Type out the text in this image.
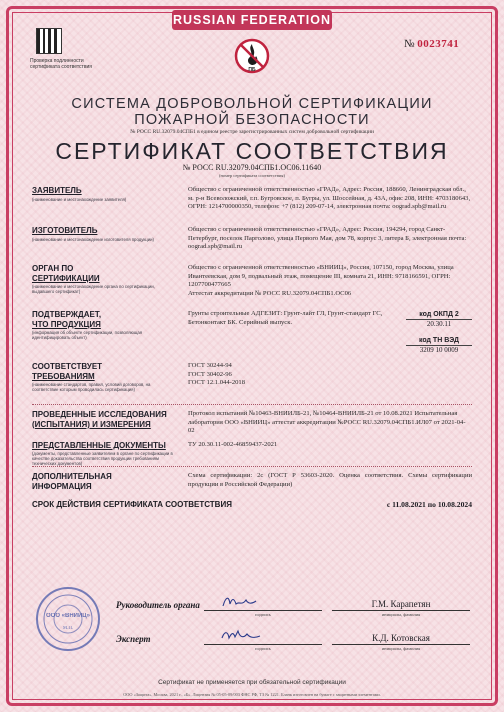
RUSSIAN FEDERATION
Проверка подлинности сертификата соответствия	ПБ
№ 0023741
СИСТЕМА ДОБРОВОЛЬНОЙ СЕРТИФИКАЦИИ
ПОЖАРНОЙ БЕЗОПАСНОСТИ
№ РОСС RU.32079.04СПБ1 в едином реестре зарегистрированных систем добровольной сертификации
СЕРТИФИКАТ СООТВЕТСТВИЯ
№ РОСС RU.32079.04СПБ1.ОС06.11640
(номер сертификата соответствия)
ЗАЯВИТЕЛЬ
(наименование и местонахождение заявителя)
Общество с ограниченной ответственностью «ГРАД», Адрес: Россия, 188660, Ленинградская обл., м. р-н Всеволожский, г.п. Бугровское, п. Бугры, ул. Шоссейная, д. 43А, офис 208, ИНН: 4703180643, ОГРН: 1214700000350, телефон: +7 (812) 209-07-14, электронная почта: oograd.spb@mail.ru
ИЗГОТОВИТЕЛЬ
(наименование и местонахождение изготовителя продукции)
Общество с ограниченной ответственностью «ГРАД», Адрес: Россия, 194294, город Санкт-Петербург, поселок Парголово, улица Первого Мая, дом 78, корпус 3, литера Б, электронная почта: oograd.spb@mail.ru
ОРГАН ПО
СЕРТИФИКАЦИИ
(наименование и местонахождение органа по сертификации, выдавшего сертификат)
Общество с ограниченной ответственностью «ВНИИЦ», Россия, 107150, город Москва, улица Ивантеевская, дом 9, подвальный этаж, помещение III, комната 21, ИНН: 9718166591, ОГРН: 1207700477665
Аттестат аккредитации № РОСС RU.32079.04СПБ1.ОС06
ПОДТВЕРЖДАЕТ,
ЧТО ПРОДУКЦИЯ
(информация об объекте сертификации, позволяющая идентифицировать объект)
Грунты строительные АДГЕЗИТ: Грунт-лайт ГЛ, Грунт-стандарт ГС, Бетонконтакт БК. Серийный выпуск.
код ОКПД 2
20.30.11
код ТН ВЭД
3209 10 0009
СООТВЕТСТВУЕТ
ТРЕБОВАНИЯМ
(наименование стандартов, правил, условий договоров, на соответствие которым проводилась сертификация)
ГОСТ 30244-94
ГОСТ 30402-96
ГОСТ 12.1.044-2018
ПРОВЕДЕННЫЕ ИССЛЕДОВАНИЯ
(ИСПЫТАНИЯ) И ИЗМЕРЕНИЯ
Протокол испытаний №10463-ВНИИЛБ-21, №10464-ВНИИЛБ-21 от 10.08.2021 Испытательная лаборатория ООО «ВНИИЦ» аттестат аккредитации №РОСС RU.32079.04СПБ1.ИЛ07 от 2021-04-02
ПРЕДСТАВЛЕННЫЕ ДОКУМЕНТЫ
(документы, представленные заявителем в органе по сертификации в качестве доказательства соответствия продукции требованиям технических документов)
ТУ 20.30.11-002-46859437-2021
ДОПОЛНИТЕЛЬНАЯ
ИНФОРМАЦИЯ
Схема сертификации: 2с (ГОСТ Р 53603-2020. Оценка соответствия. Схемы сертификации продукции в Российской Федерации)
СРОК ДЕЙСТВИЯ СЕРТИФИКАТА СООТВЕТСТВИЯ	с 11.08.2021 по 10.08.2024
ООО «ВНИИЦ»
М.П.
Руководитель органа
подпись
Г.М. Карапетян
инициалы, фамилия
Эксперт
подпись
К.Д. Котовская
инициалы, фамилия
Сертификат не применяется при обязательной сертификации
ООО «Защита», Москва, 2021 г., «Б», Лицензия № 05-05-09/003 ФНС РФ, ТЗ № 1221. Бланк изготовлен на бумаге с защитными элементами.
